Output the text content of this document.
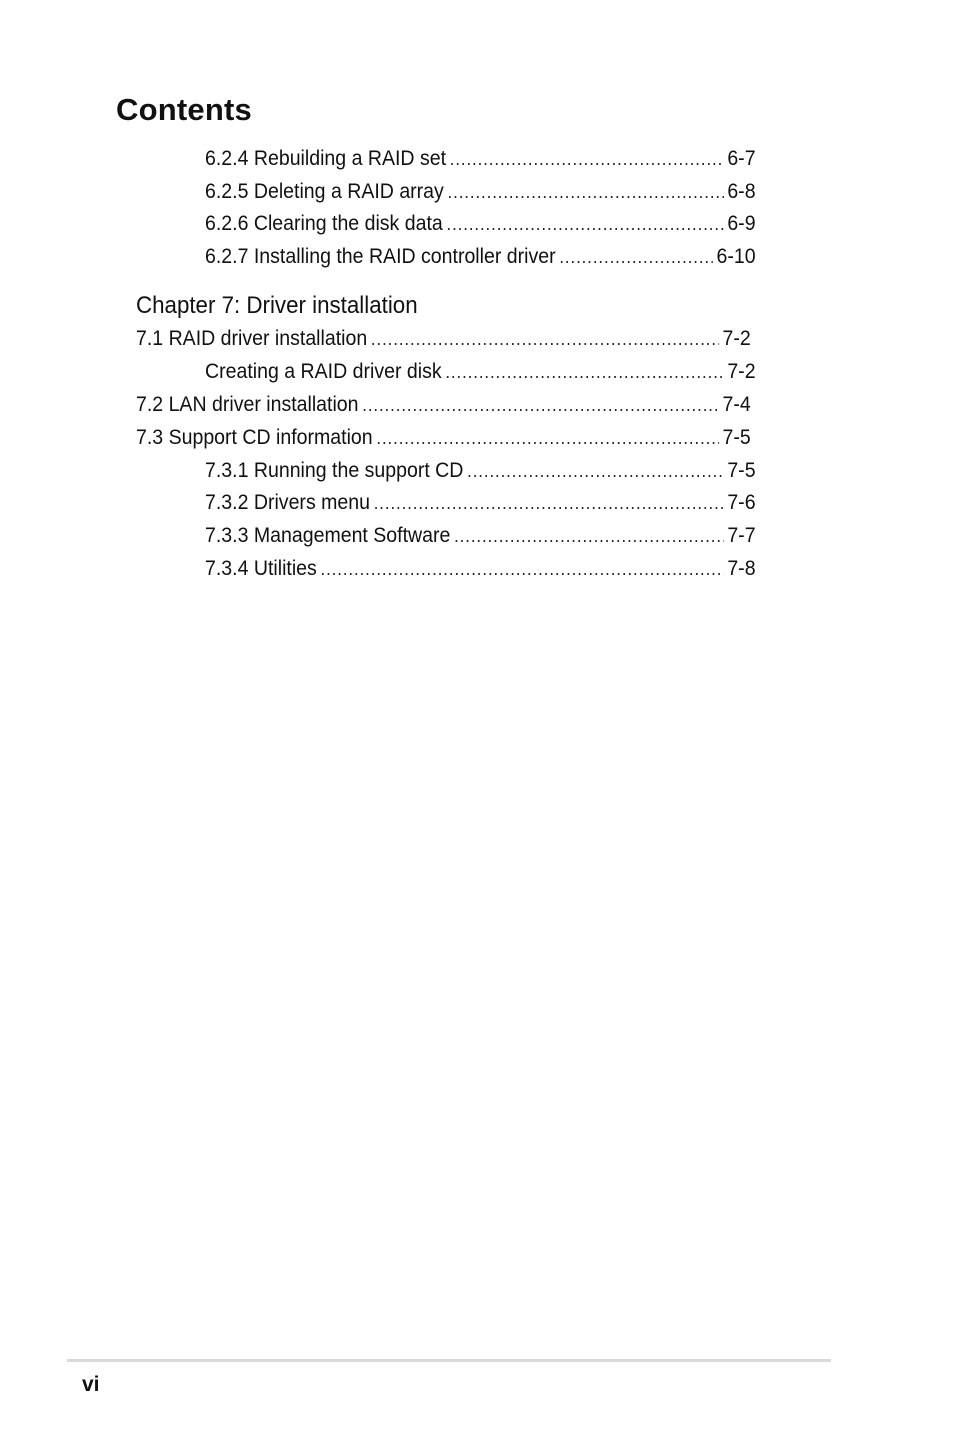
Contents
6.2.4 Rebuilding a RAID set .....	6-7
6.2.5 Deleting a RAID array .....	6-8
6.2.6 Clearing the disk data .....	6-9
6.2.7 Installing the RAID controller driver .....	6-10
Chapter 7: Driver installation
7.1 RAID driver installation .....	7-2
Creating a RAID driver disk .....	7-2
7.2 LAN driver installation .....	7-4
7.3 Support CD information .....	7-5
7.3.1 Running the support CD .....	7-5
7.3.2 Drivers menu .....	7-6
7.3.3 Management Software .....	7-7
7.3.4 Utilities .....	7-8
vi
